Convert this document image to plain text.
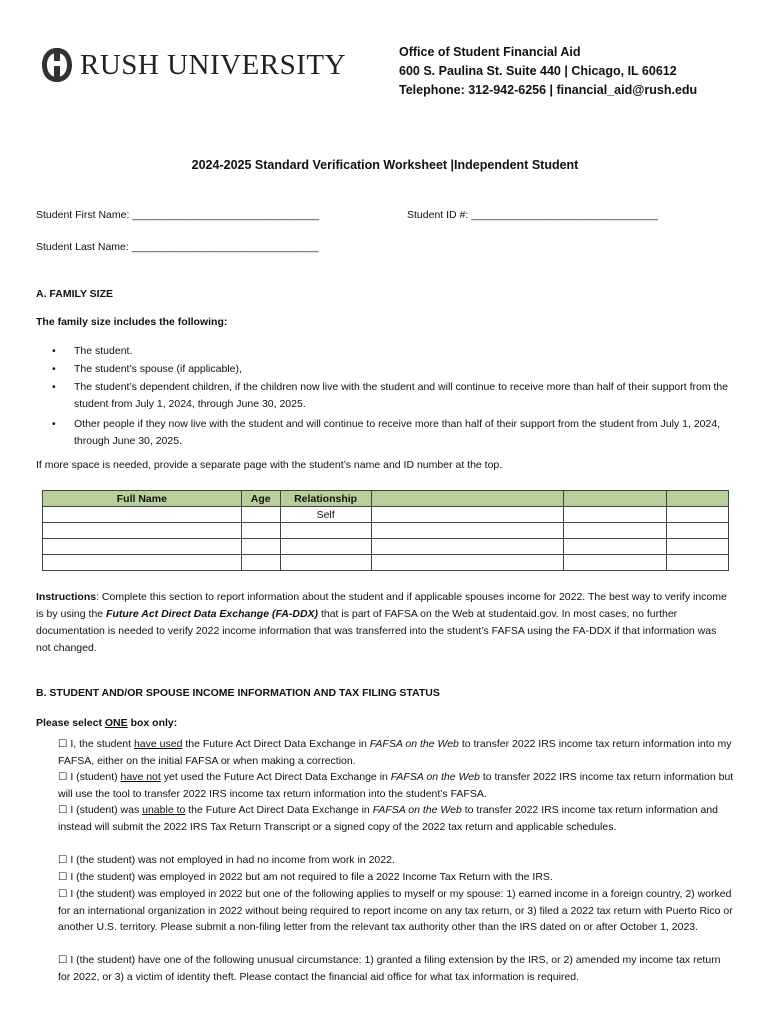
RUSH UNIVERSITY	Office of Student Financial Aid
600 S. Paulina St. Suite 440 | Chicago, IL 60612
Telephone: 312-942-6256 | financial_aid@rush.edu
2024-2025 Standard Verification Worksheet |Independent Student
Student First Name: ________________________________	Student ID #: ________________________________
Student Last Name: ________________________________
A. FAMILY SIZE
The family size includes the following:
• The student.
• The student’s spouse (if applicable),
• The student’s dependent children, if the children now live with the student and will continue to receive more than half of their support from the student from July 1, 2024, through June 30, 2025.
• Other people if they now live with the student and will continue to receive more than half of their support from the student from July 1, 2024, through June 30, 2025.
If more space is needed, provide a separate page with the student’s name and ID number at the top.
Full Name	Age	Relationship			
		Self			

Instructions: Complete this section to report information about the student and if applicable spouses income for 2022. The best way to verify income is by using the Future Act Direct Data Exchange (FA-DDX) that is part of FAFSA on the Web at studentaid.gov. In most cases, no further documentation is needed to verify 2022 income information that was transferred into the student’s FAFSA using the FA-DDX if that information was not changed.
B. STUDENT AND/OR SPOUSE INCOME INFORMATION AND TAX FILING STATUS
Please select ONE box only:
☐ I, the student have used the Future Act Direct Data Exchange in FAFSA on the Web to transfer 2022 IRS income tax return information into my FAFSA, either on the initial FAFSA or when making a correction.
☐ I (student) have not yet used the Future Act Direct Data Exchange in FAFSA on the Web to transfer 2022 IRS income tax return information but will use the tool to transfer 2022 IRS income tax return information into the student’s FAFSA.
☐ I (student) was unable to the Future Act Direct Data Exchange in FAFSA on the Web to transfer 2022 IRS income tax return information and instead will submit the 2022 IRS Tax Return Transcript or a signed copy of the 2022 tax return and applicable schedules.
☐ I (the student) was not employed in had no income from work in 2022.
☐ I (the student) was employed in 2022 but am not required to file a 2022 Income Tax Return with the IRS.
☐ I (the student) was employed in 2022 but one of the following applies to myself or my spouse: 1) earned income in a foreign country, 2) worked for an international organization in 2022 without being required to report income on any tax return, or 3) filed a 2022 tax return with Puerto Rico or another U.S. territory. Please submit a non-filing letter from the relevant tax authority other than the IRS dated on or after October 1, 2023.
☐ I (the student) have one of the following unusual circumstance: 1) granted a filing extension by the IRS, or 2) amended my income tax return for 2022, or 3) a victim of identity theft. Please contact the financial aid office for what tax information is required.
